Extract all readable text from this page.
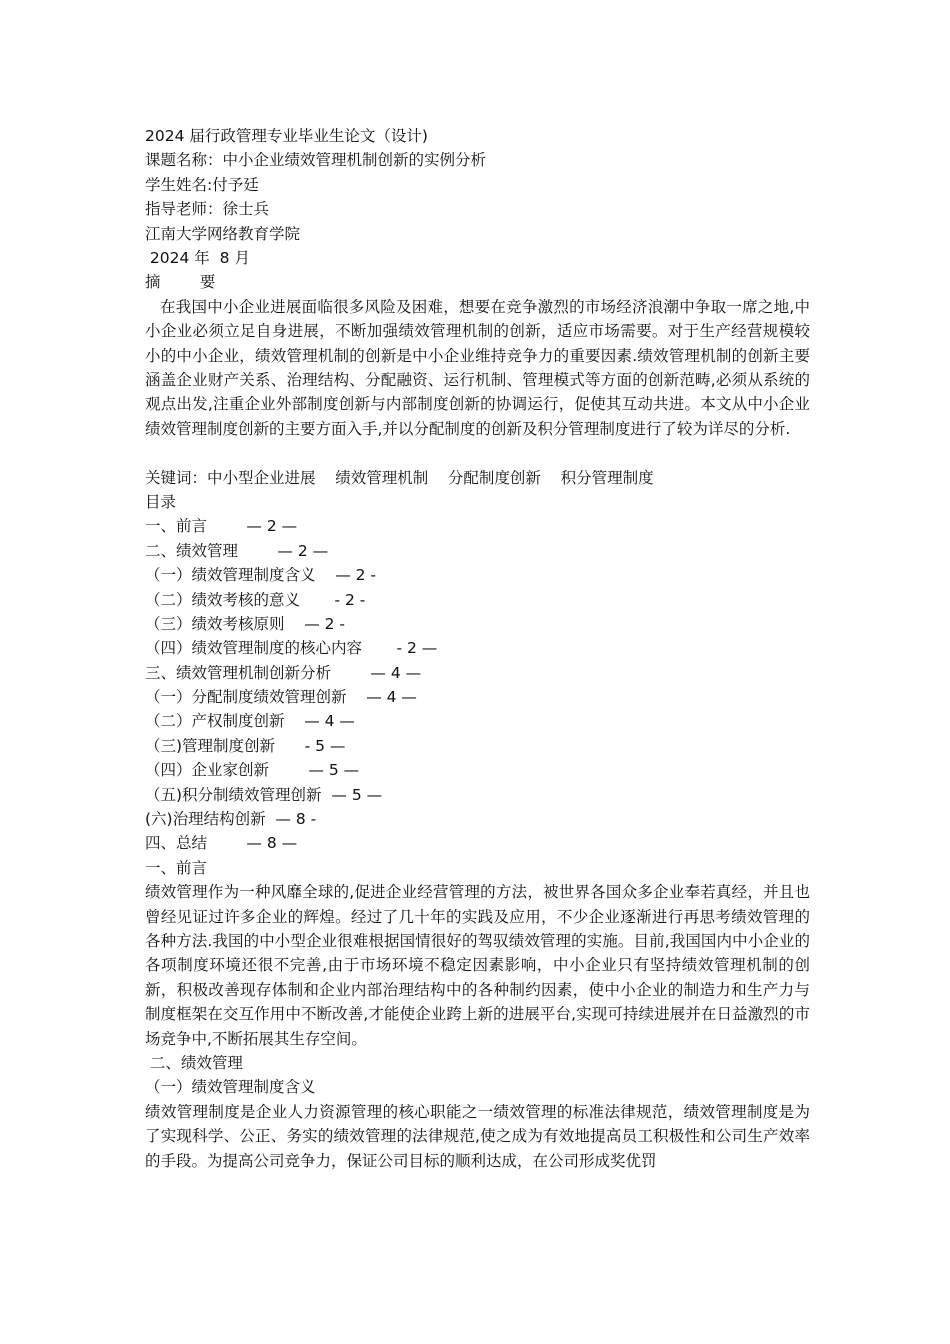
2024 届行政管理专业毕业生论文（设计)
课题名称：中小企业绩效管理机制创新的实例分析
学生姓名:付予廷
指导老师：徐士兵
江南大学网络教育学院
2024 年  8 月
摘        要
在我国中小企业进展面临很多风险及困难，想要在竞争激烈的市场经济浪潮中争取一席之地,中小企业必须立足自身进展，不断加强绩效管理机制的创新，适应市场需要。对于生产经营规模较小的中小企业，绩效管理机制的创新是中小企业维持竞争力的重要因素.绩效管理机制的创新主要涵盖企业财产关系、治理结构、分配融资、运行机制、管理模式等方面的创新范畴,必须从系统的观点出发,注重企业外部制度创新与内部制度创新的协调运行，促使其互动共进。本文从中小企业绩效管理制度创新的主要方面入手,并以分配制度的创新及积分管理制度进行了较为详尽的分析.
关键词：中小型企业进展    绩效管理机制    分配制度创新    积分管理制度
目录
一、前言        — 2 —
二、绩效管理        — 2 —
（一）绩效管理制度含义    — 2 -
（二）绩效考核的意义       - 2 -
（三）绩效考核原则    — 2 -
（四）绩效管理制度的核心内容       - 2 —
三、绩效管理机制创新分析        — 4 —
（一）分配制度绩效管理创新    — 4 —
（二）产权制度创新    — 4 —
（三)管理制度创新      - 5 —
（四）企业家创新        — 5 —
（五)积分制绩效管理创新  — 5 —
(六)治理结构创新  — 8 -
四、总结        — 8 —
一、前言
绩效管理作为一种风靡全球的,促进企业经营管理的方法，被世界各国众多企业奉若真经，并且也曾经见证过许多企业的辉煌。经过了几十年的实践及应用，不少企业逐渐进行再思考绩效管理的各种方法.我国的中小型企业很难根据国情很好的驾驭绩效管理的实施。目前,我国国内中小企业的各项制度环境还很不完善,由于市场环境不稳定因素影响，中小企业只有坚持绩效管理机制的创新，积极改善现存体制和企业内部治理结构中的各种制约因素，使中小企业的制造力和生产力与制度框架在交互作用中不断改善,才能使企业跨上新的进展平台,实现可持续进展并在日益激烈的市场竞争中,不断拓展其生存空间。
二、绩效管理
（一）绩效管理制度含义
绩效管理制度是企业人力资源管理的核心职能之一绩效管理的标准法律规范，绩效管理制度是为了实现科学、公正、务实的绩效管理的法律规范,使之成为有效地提高员工积极性和公司生产效率的手段。为提高公司竞争力，保证公司目标的顺利达成，在公司形成奖优罚
